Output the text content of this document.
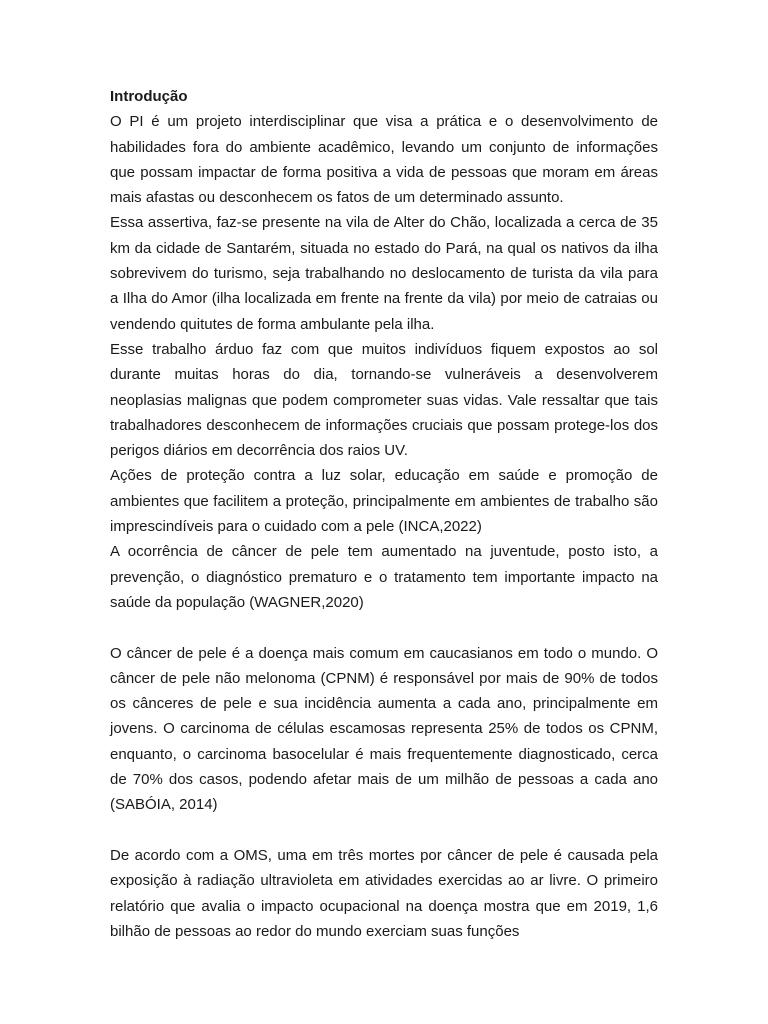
Introdução

O PI é um projeto interdisciplinar que visa a prática e o desenvolvimento de habilidades fora do ambiente acadêmico, levando um conjunto de informações que possam impactar de forma positiva a vida de pessoas que moram em áreas mais afastas ou desconhecem os fatos de um determinado assunto.

Essa assertiva, faz-se presente na vila de Alter do Chão, localizada a cerca de 35 km da cidade de Santarém, situada no estado do Pará, na qual os nativos da ilha sobrevivem do turismo, seja trabalhando no deslocamento de turista da vila para a Ilha do Amor (ilha localizada em frente na frente da vila) por meio de catraias ou vendendo quitutes de forma ambulante pela ilha.

Esse trabalho árduo faz com que muitos indivíduos fiquem expostos ao sol durante muitas horas do dia, tornando-se vulneráveis a desenvolverem neoplasias malignas que podem comprometer suas vidas. Vale ressaltar que tais trabalhadores desconhecem de informações cruciais que possam protege-los dos perigos diários em decorrência dos raios UV.

Ações de proteção contra a luz solar, educação em saúde e promoção de ambientes que facilitem a proteção, principalmente em ambientes de trabalho são imprescindíveis para o cuidado com a pele (INCA,2022)

A ocorrência de câncer de pele tem aumentado na juventude, posto isto, a prevenção, o diagnóstico prematuro e o tratamento tem importante impacto na saúde da população (WAGNER,2020)

O câncer de pele é a doença mais comum em caucasianos em todo o mundo. O câncer de pele não melonoma (CPNM) é responsável por mais de 90% de todos os cânceres de pele e sua incidência aumenta a cada ano, principalmente em jovens. O carcinoma de células escamosas representa 25% de todos os CPNM, enquanto, o carcinoma basocelular é mais frequentemente diagnosticado, cerca de 70% dos casos, podendo afetar mais de um milhão de pessoas a cada ano (SABÓIA, 2014)

De acordo com a OMS, uma em três mortes por câncer de pele é causada pela exposição à radiação ultravioleta em atividades exercidas ao ar livre. O primeiro relatório que avalia o impacto ocupacional na doença mostra que em 2019, 1,6 bilhão de pessoas ao redor do mundo exerciam suas funções
